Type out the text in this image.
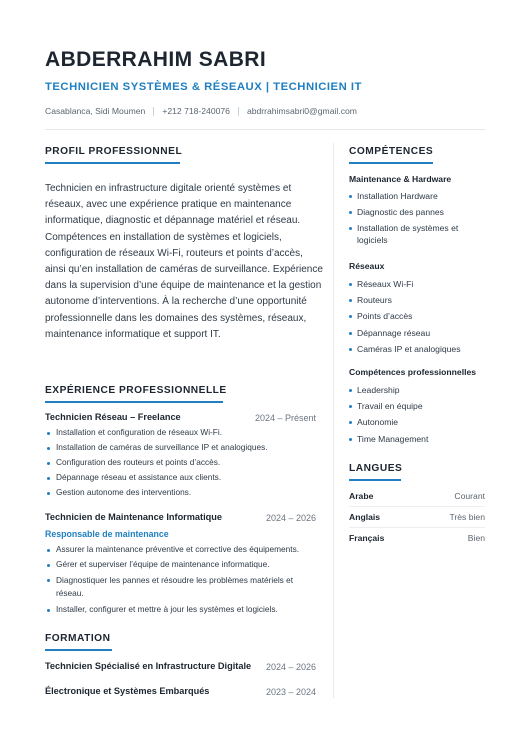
ABDERRAHIM SABRI
TECHNICIEN SYSTÈMES & RÉSEAUX | TECHNICIEN IT
Casablanca, Sidi Moumen +212 718-240076 abdrrahimsabri0@gmail.com
PROFIL PROFESSIONNEL
Technicien en infrastructure digitale orienté systèmes et réseaux, avec une expérience pratique en maintenance informatique, diagnostic et dépannage matériel et réseau. Compétences en installation de systèmes et logiciels, configuration de réseaux Wi-Fi, routeurs et points d’accès, ainsi qu’en installation de caméras de surveillance. Expérience dans la supervision d’une équipe de maintenance et la gestion autonome d’interventions. À la recherche d’une opportunité professionnelle dans les domaines des systèmes, réseaux, maintenance informatique et support IT.
EXPÉRIENCE PROFESSIONNELLE
Technicien Réseau – Freelance	2024 – Présent
Installation et configuration de réseaux Wi-Fi.
Installation de caméras de surveillance IP et analogiques.
Configuration des routeurs et points d’accès.
Dépannage réseau et assistance aux clients.
Gestion autonome des interventions.
Technicien de Maintenance Informatique	2024 – 2026
Responsable de maintenance
Assurer la maintenance préventive et corrective des équipements.
Gérer et superviser l’équipe de maintenance informatique.
Diagnostiquer les pannes et résoudre les problèmes matériels et réseau.
Installer, configurer et mettre à jour les systèmes et logiciels.
FORMATION
Technicien Spécialisé en Infrastructure Digitale 2024 – 2026
Électronique et Systèmes Embarqués	2023 – 2024
COMPÉTENCES
Maintenance & Hardware
Installation Hardware
Diagnostic des pannes
Installation de systèmes et logiciels
Réseaux
Réseaux Wi-Fi
Routeurs
Points d’accès
Dépannage réseau
Caméras IP et analogiques
Compétences professionnelles
Leadership
Travail en équipe
Autonomie
Time Management
LANGUES
Arabe	Courant
Anglais	Très bien
Français	Bien
